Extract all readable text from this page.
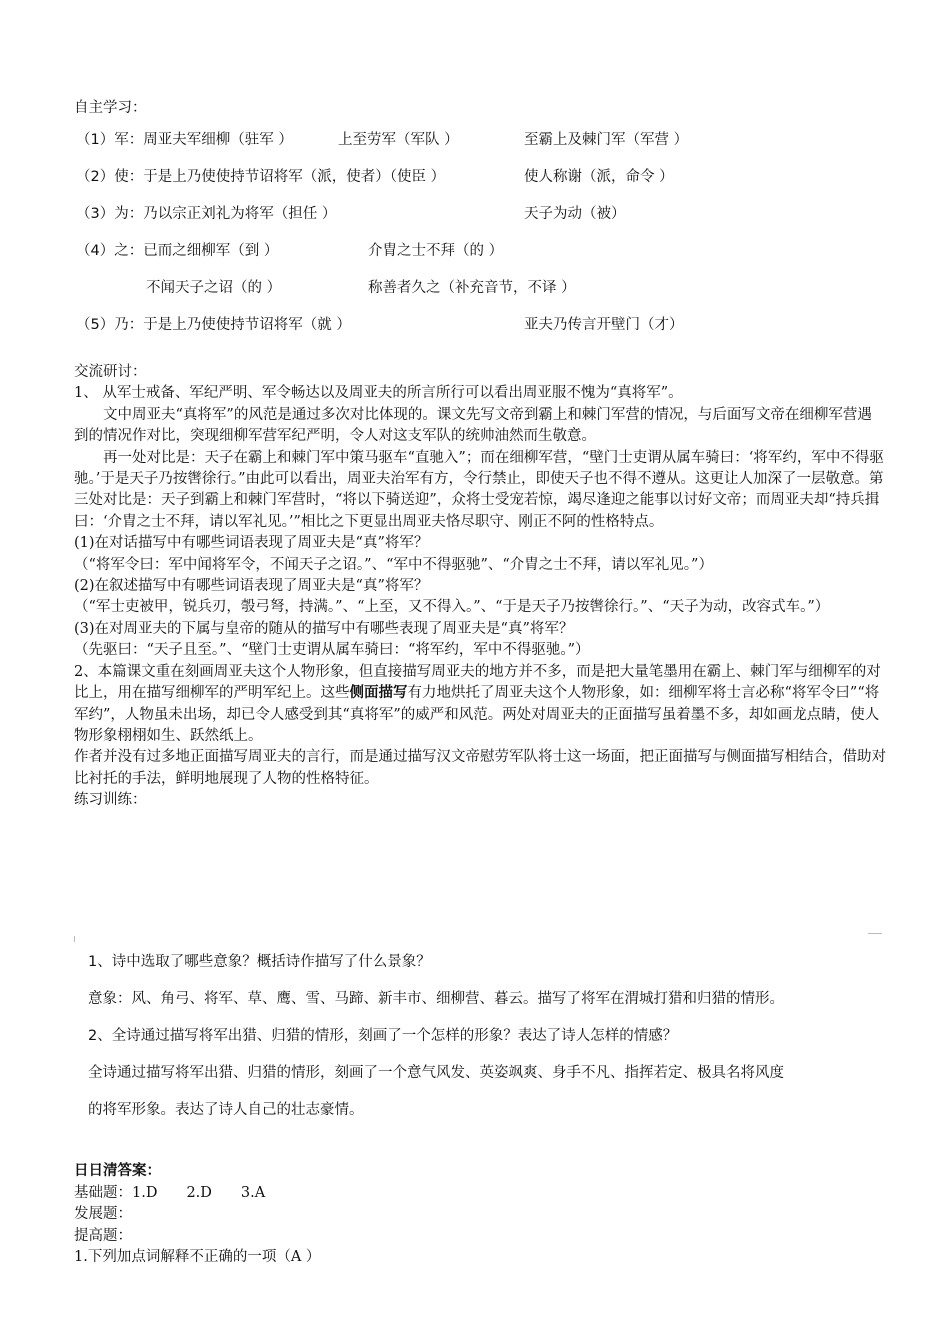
自主学习：
（1）军：周亚夫军细柳（驻军 ）	上至劳军（军队 ）	至霸上及棘门军（军营 ）
（2）使：于是上乃使使持节诏将军（派，使者）（使臣 ）	使人称谢（派，命令 ）
（3）为：乃以宗正刘礼为将军（担任 ）	天子为动（被）
（4）之：已而之细柳军（到 ）	介胄之士不拜（的 ）
不闻天子之诏（的 ）	称善者久之（补充音节，不译 ）
（5）乃：于是上乃使使持节诏将军（就 ）	亚夫乃传言开壁门（才）
交流研讨：
1、 从军士戒备、军纪严明、军令畅达以及周亚夫的所言所行可以看出周亚服不愧为“真将军”。
文中周亚夫“真将军”的风范是通过多次对比体现的。课文先写文帝到霸上和棘门军营的情况，与后面写文帝在细柳军营遇到的情况作对比，突现细柳军营军纪严明，令人对这支军队的统帅油然而生敬意。
再一处对比是：天子在霸上和棘门军中策马驱车“直驰入”；而在细柳军营，“壁门士吏谓从属车骑曰：‘将军约，军中不得驱驰。’于是天子乃按辔徐行。”由此可以看出，周亚夫治军有方，令行禁止，即使天子也不得不遵从。这更让人加深了一层敬意。第三处对比是：天子到霸上和棘门军营时，“将以下骑送迎”，众将士受宠若惊，竭尽逢迎之能事以讨好文帝；而周亚夫却“持兵揖曰：‘介胄之士不拜，请以军礼见。’”相比之下更显出周亚夫恪尽职守、刚正不阿的性格特点。
(1)在对话描写中有哪些词语表现了周亚夫是“真”将军？
（“将军令曰：军中闻将军令，不闻天子之诏。”、“军中不得驱驰”、“介胄之士不拜，请以军礼见。”）
(2)在叙述描写中有哪些词语表现了周亚夫是“真”将军？
（“军士吏被甲，锐兵刃，彀弓弩，持满。”、“上至，又不得入。”、“于是天子乃按辔徐行。”、“天子为动，改容式车。”）
(3)在对周亚夫的下属与皇帝的随从的描写中有哪些表现了周亚夫是“真”将军？
（先驱曰：“天子且至。”、“壁门士吏谓从属车骑曰：“将军约，军中不得驱驰。”）
2、本篇课文重在刻画周亚夫这个人物形象，但直接描写周亚夫的地方并不多，而是把大量笔墨用在霸上、棘门军与细柳军的对比上，用在描写细柳军的严明军纪上。这些侧面描写有力地烘托了周亚夫这个人物形象，如：细柳军将士言必称“将军令曰”“将军约”，人物虽未出场，却已令人感受到其“真将军”的威严和风范。两处对周亚夫的正面描写虽着墨不多，却如画龙点睛，使人物形象栩栩如生、跃然纸上。
作者并没有过多地正面描写周亚夫的言行，而是通过描写汉文帝慰劳军队将士这一场面，把正面描写与侧面描写相结合，借助对比衬托的手法，鲜明地展现了人物的性格特征。
练习训练：
1、诗中选取了哪些意象？概括诗作描写了什么景象？
意象：风、角弓、将军、草、鹰、雪、马蹄、新丰市、细柳营、暮云。描写了将军在渭城打猎和归猎的情形。
2、全诗通过描写将军出猎、归猎的情形，刻画了一个怎样的形象？表达了诗人怎样的情感？
全诗通过描写将军出猎、归猎的情形，刻画了一个意气风发、英姿飒爽、身手不凡、指挥若定、极具名将风度
的将军形象。表达了诗人自己的壮志豪情。
日日清答案：
基础题：1.D　　2.D　　3.A
发展题：
提高题：
1.下列加点词解释不正确的一项（A ）
